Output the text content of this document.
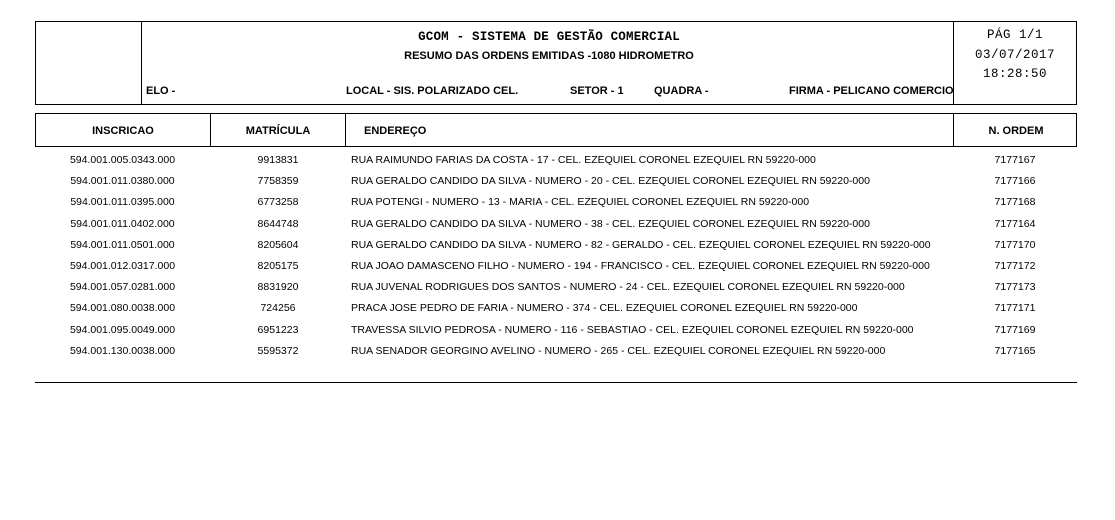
PÁG 1/1
03/07/2017
18:28:50
GCOM - SISTEMA DE GESTÃO COMERCIAL
RESUMO DAS ORDENS EMITIDAS -1080 HIDROMETRO
ELO -	LOCAL - SIS. POLARIZADO CEL.	SETOR - 1	QUADRA -	FIRMA - PELICANO COMERCIO
INSCRICAO	MATRÍCULA	ENDEREÇO	N. ORDEM
594.001.005.0343.000	9913831	RUA RAIMUNDO FARIAS DA COSTA - 17 - CEL. EZEQUIEL CORONEL EZEQUIEL RN 59220-000	7177167
594.001.011.0380.000	7758359	RUA GERALDO CANDIDO DA SILVA - NUMERO - 20 - CEL. EZEQUIEL CORONEL EZEQUIEL RN 59220-000	7177166
594.001.011.0395.000	6773258	RUA POTENGI - NUMERO - 13 - MARIA - CEL. EZEQUIEL CORONEL EZEQUIEL RN 59220-000	7177168
594.001.011.0402.000	8644748	RUA GERALDO CANDIDO DA SILVA - NUMERO - 38 - CEL. EZEQUIEL CORONEL EZEQUIEL RN 59220-000	7177164
594.001.011.0501.000	8205604	RUA GERALDO CANDIDO DA SILVA - NUMERO - 82 - GERALDO - CEL. EZEQUIEL CORONEL EZEQUIEL RN 59220-000	7177170
594.001.012.0317.000	8205175	RUA JOAO DAMASCENO FILHO - NUMERO - 194 - FRANCISCO - CEL. EZEQUIEL CORONEL EZEQUIEL RN 59220-000	7177172
594.001.057.0281.000	8831920	RUA JUVENAL RODRIGUES DOS SANTOS - NUMERO - 24 - CEL. EZEQUIEL CORONEL EZEQUIEL RN 59220-000	7177173
594.001.080.0038.000	724256	PRACA JOSE PEDRO DE FARIA - NUMERO - 374 - CEL. EZEQUIEL CORONEL EZEQUIEL RN 59220-000	7177171
594.001.095.0049.000	6951223	TRAVESSA SILVIO PEDROSA - NUMERO - 116 - SEBASTIAO - CEL. EZEQUIEL CORONEL EZEQUIEL RN 59220-000	7177169
594.001.130.0038.000	5595372	RUA SENADOR GEORGINO AVELINO - NUMERO - 265 - CEL. EZEQUIEL CORONEL EZEQUIEL RN 59220-000	7177165
